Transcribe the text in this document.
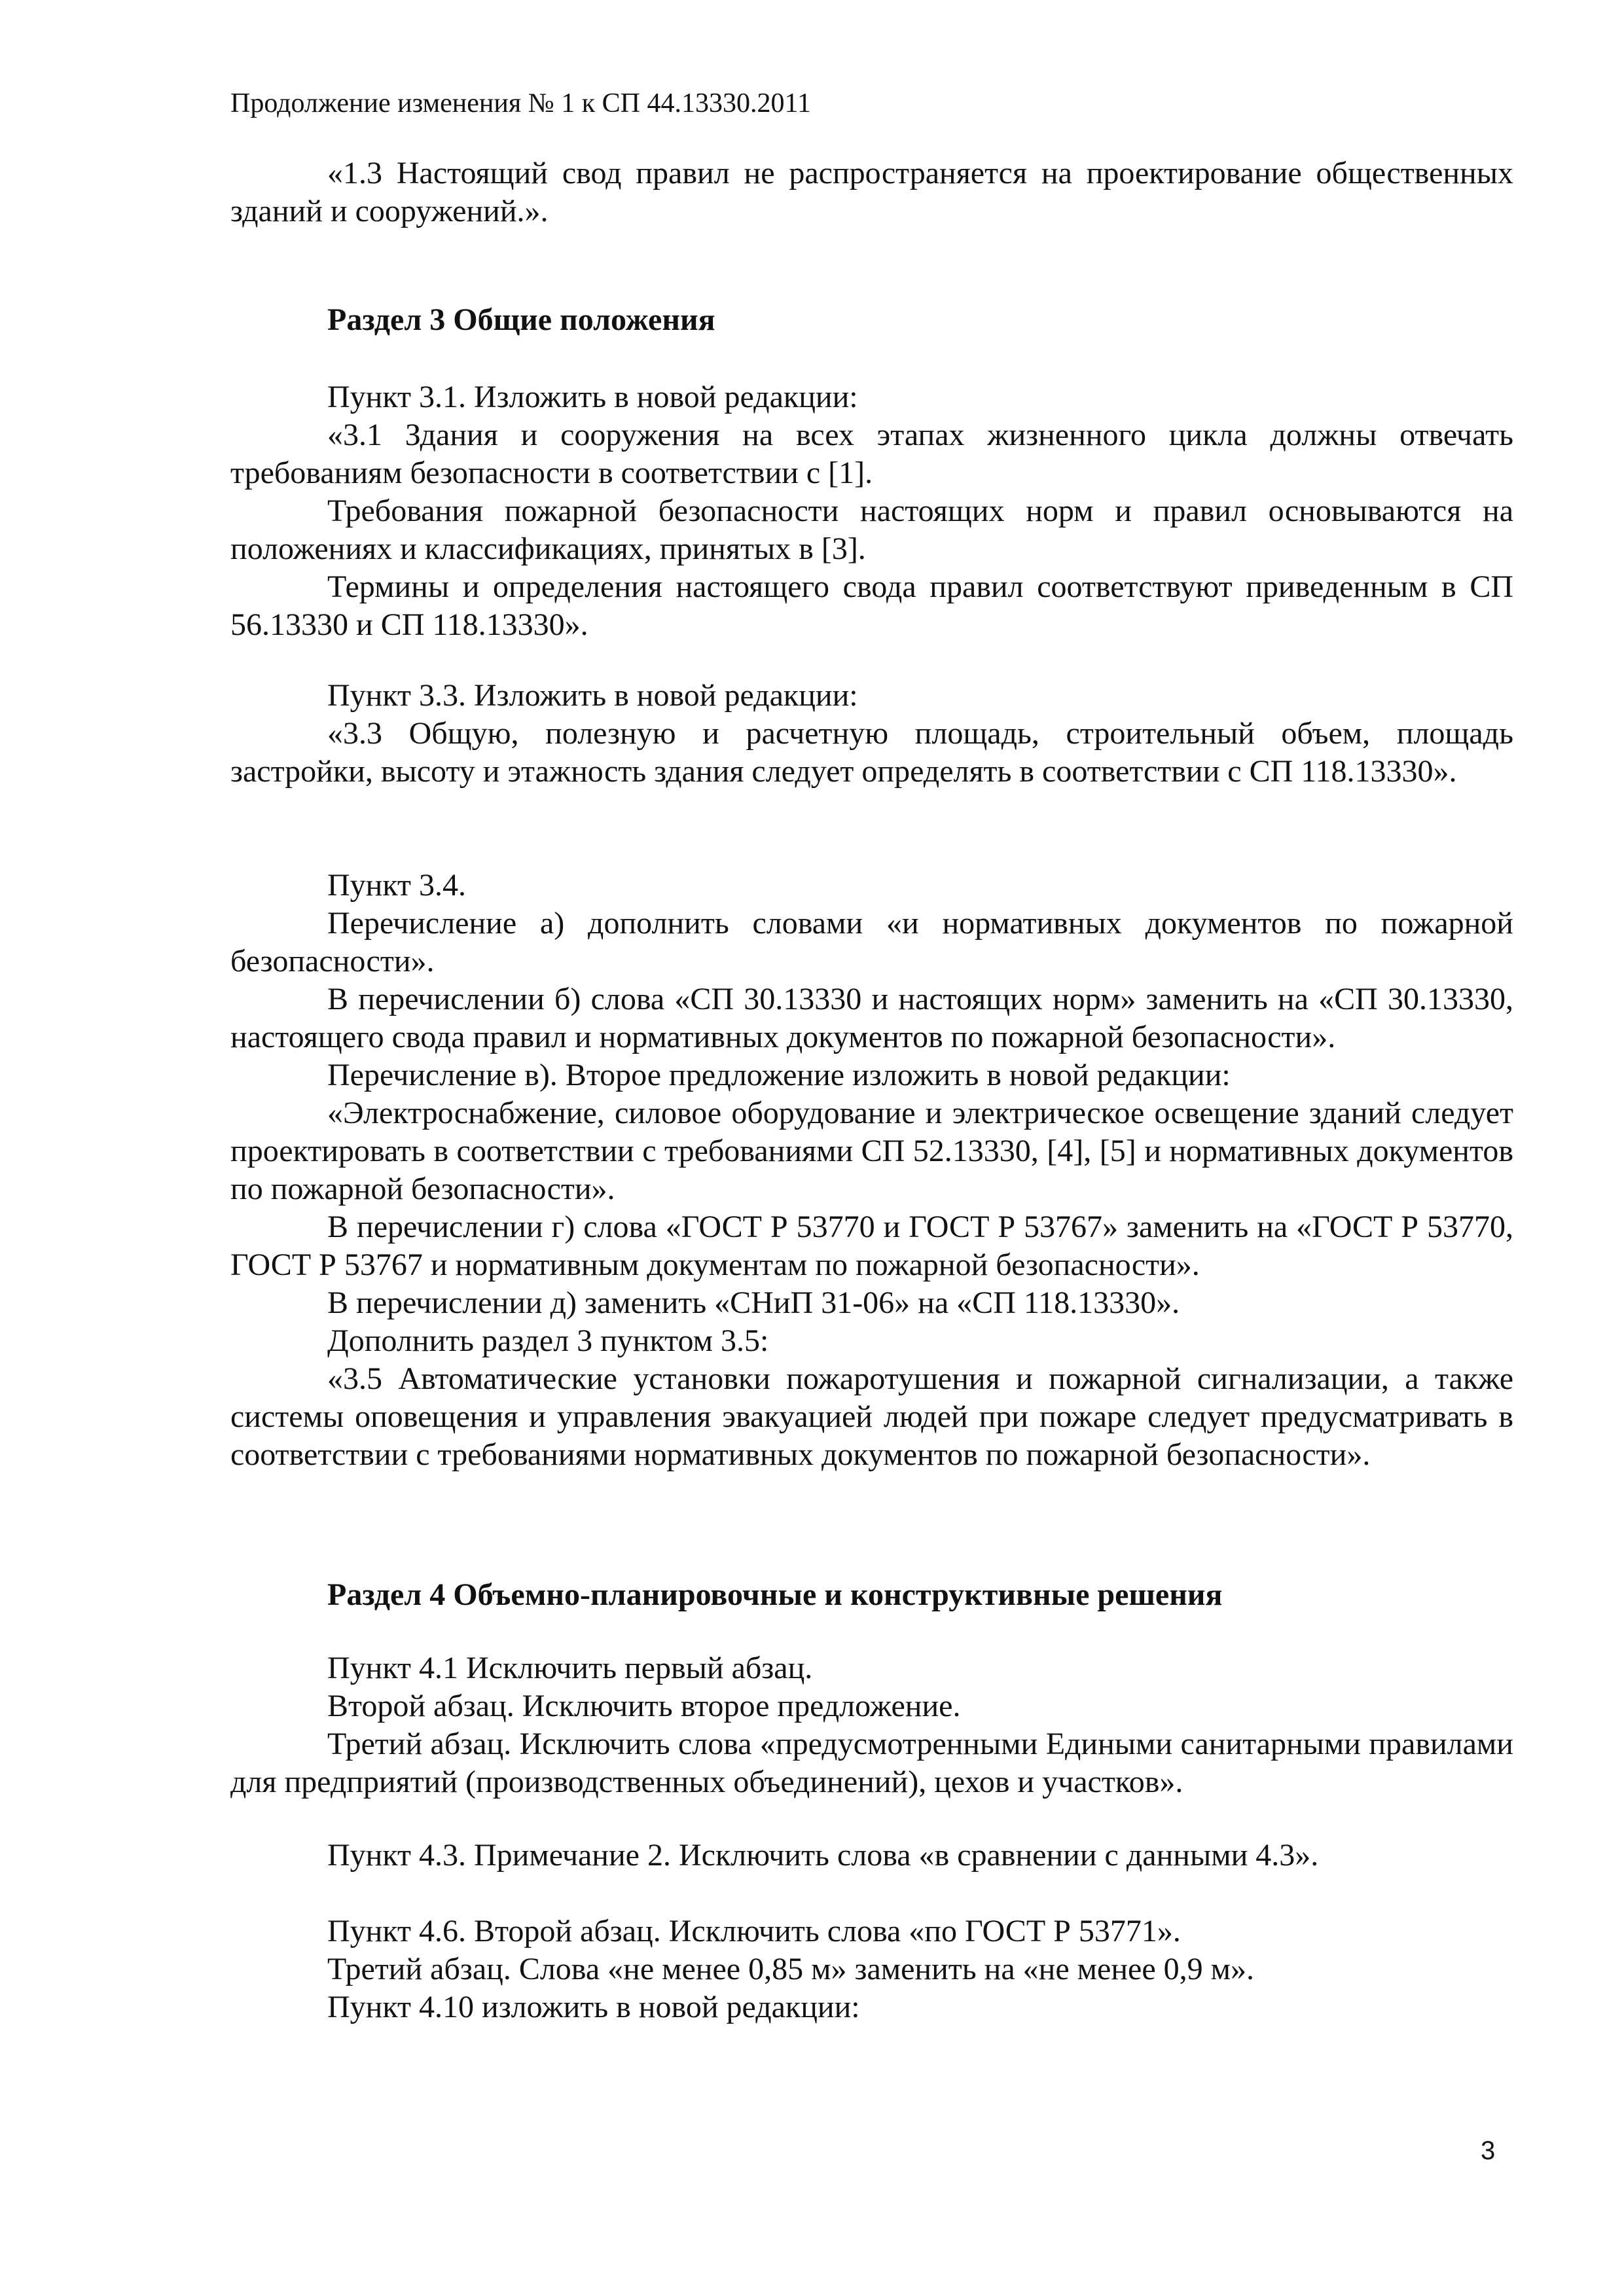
Продолжение изменения № 1 к СП 44.13330.2011

«1.3 Настоящий свод правил не распространяется на проектирование общественных зданий и сооружений.».

Раздел 3 Общие положения

Пункт 3.1. Изложить в новой редакции:

«3.1 Здания и сооружения на всех этапах жизненного цикла должны отвечать требованиям безопасности в соответствии с [1].

Требования пожарной безопасности настоящих норм и правил основываются на положениях и классификациях, принятых в [3].

Термины и определения настоящего свода правил соответствуют приведенным в СП 56.13330 и СП 118.13330».

Пункт 3.3. Изложить в новой редакции:

«3.3 Общую, полезную и расчетную площадь, строительный объем, площадь застройки, высоту и этажность здания следует определять в соответствии с СП 118.13330».

Пункт 3.4.

Перечисление а) дополнить словами «и нормативных документов по пожарной безопасности».

В перечислении б) слова «СП 30.13330 и настоящих норм» заменить на «СП 30.13330, настоящего свода правил и нормативных документов по пожарной безопасности».

Перечисление в). Второе предложение изложить в новой редакции:

«Электроснабжение, силовое оборудование и электрическое освещение зданий следует проектировать в соответствии с требованиями СП 52.13330, [4], [5] и нормативных документов по пожарной безопасности».

В перечислении г) слова «ГОСТ Р 53770 и ГОСТ Р 53767» заменить на «ГОСТ Р 53770, ГОСТ Р 53767 и нормативным документам по пожарной безопасности».

В перечислении д) заменить «СНиП 31-06» на «СП 118.13330».

Дополнить раздел 3 пунктом 3.5:

«3.5 Автоматические установки пожаротушения и пожарной сигнализации, а также системы оповещения и управления эвакуацией людей при пожаре следует предусматривать в соответствии с требованиями нормативных документов по пожарной безопасности».

Раздел 4 Объемно-планировочные и конструктивные решения

Пункт 4.1 Исключить первый абзац.

Второй абзац. Исключить второе предложение.

Третий абзац. Исключить слова «предусмотренными Едиными санитарными правилами для предприятий (производственных объединений), цехов и участков».

Пункт 4.3. Примечание 2. Исключить слова «в сравнении с данными 4.3».

Пункт 4.6. Второй абзац. Исключить слова «по ГОСТ Р 53771».

Третий абзац. Слова «не менее 0,85 м» заменить на «не менее 0,9 м».

Пункт 4.10 изложить в новой редакции:

3
